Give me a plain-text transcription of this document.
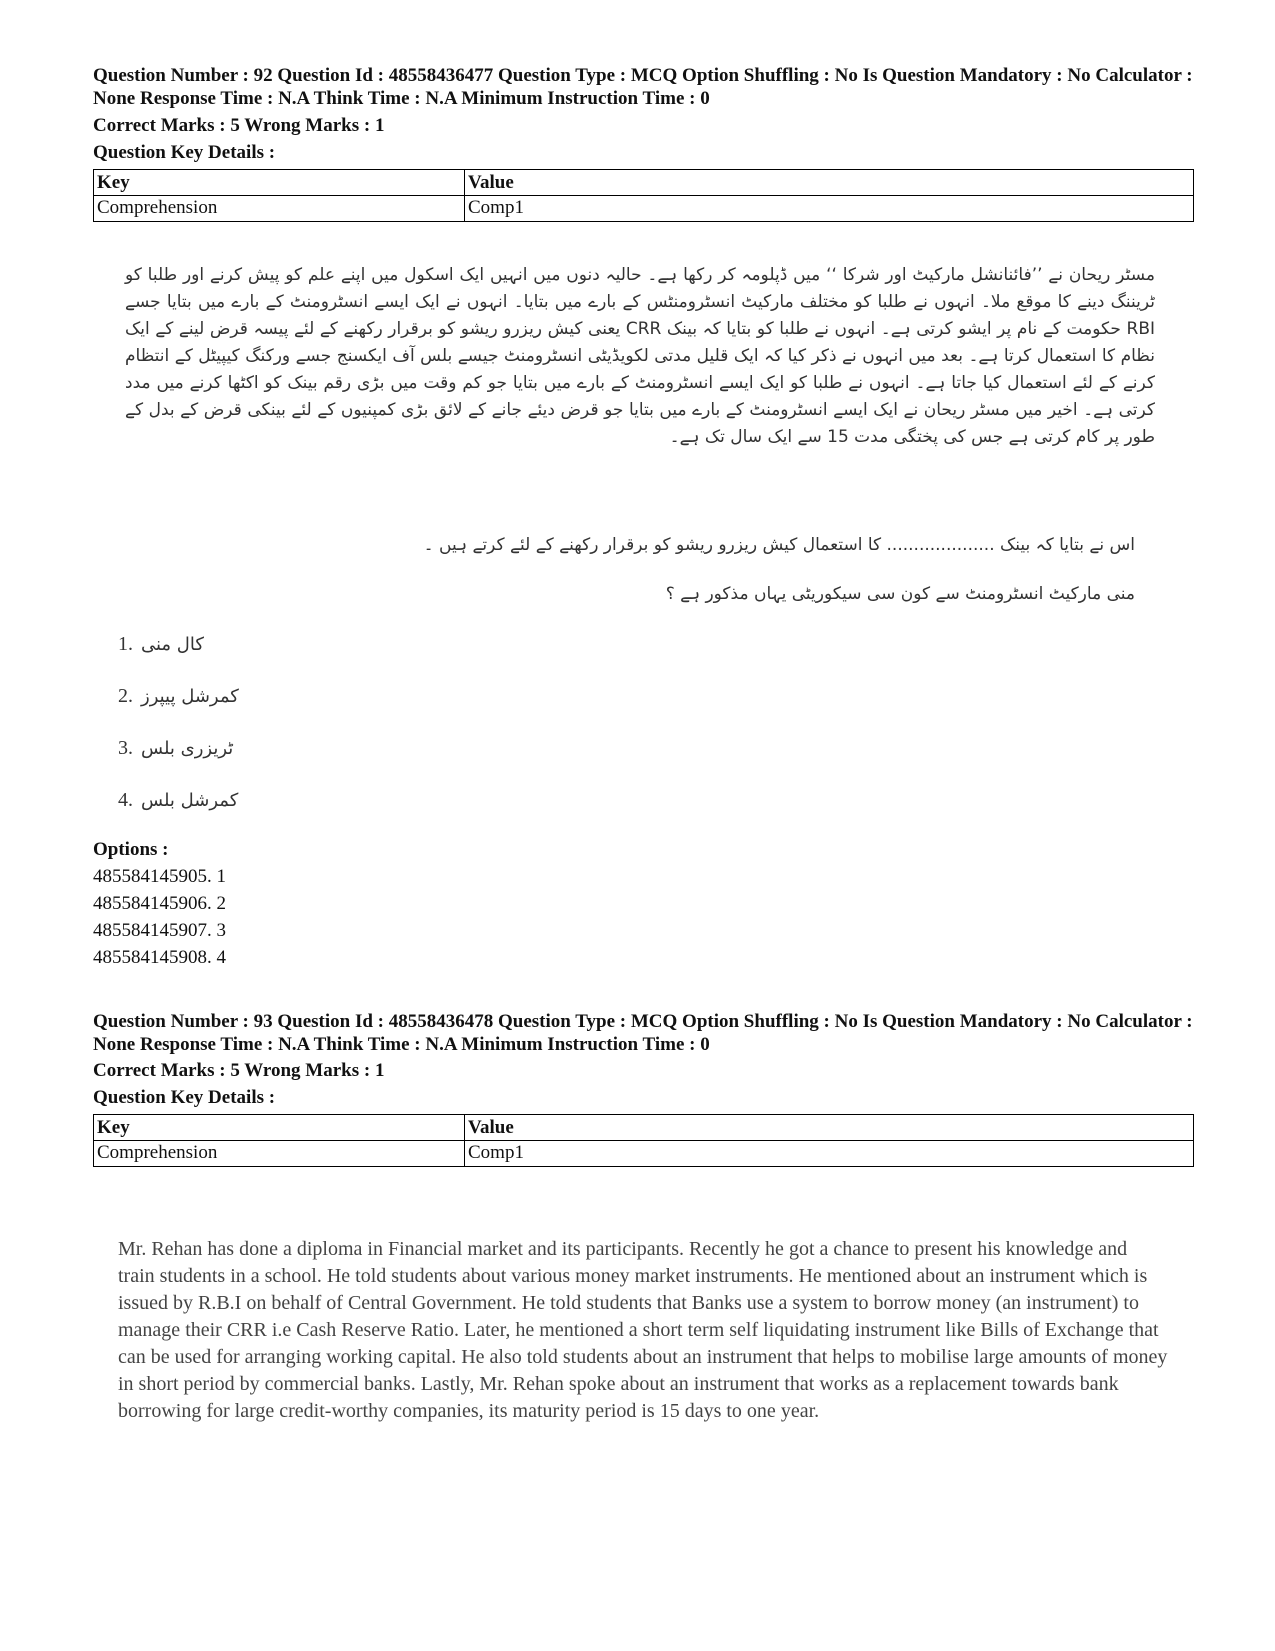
Question Number : 92 Question Id : 48558436477 Question Type : MCQ Option Shuffling : No Is Question Mandatory : No Calculator : None Response Time : N.A Think Time : N.A Minimum Instruction Time : 0
Correct Marks : 5 Wrong Marks : 1
Question Key Details :
Key	Value
Comprehension	Comp1
مسٹر ریحان نے ’’فائنانشل مارکیٹ اور شرکا ‘‘ میں ڈپلومہ کر رکھا ہے۔ حالیہ دنوں میں انہیں ایک اسکول میں اپنے علم کو پیش کرنے اور طلبا کو ٹریننگ دینے کا موقع ملا۔ انہوں نے طلبا کو مختلف مارکیٹ انسٹرومنٹس کے بارے میں بتایا۔ انہوں نے ایک ایسے انسٹرومنٹ کے بارے میں بتایا جسے RBI حکومت کے نام پر ایشو کرتی ہے۔ انہوں نے طلبا کو بتایا کہ بینک CRR یعنی کیش ریزرو ریشو کو برقرار رکھنے کے لئے پیسہ قرض لینے کے ایک نظام کا استعمال کرتا ہے۔ بعد میں انہوں نے ذکر کیا کہ ایک قلیل مدتی لکویڈیٹی انسٹرومنٹ جیسے بلس آف ایکسنج جسے ورکنگ کیپیٹل کے انتظام کرنے کے لئے استعمال کیا جاتا ہے۔ انہوں نے طلبا کو ایک ایسے انسٹرومنٹ کے بارے میں بتایا جو کم وقت میں بڑی رقم بینک کو اکٹھا کرنے میں مدد کرتی ہے۔ اخیر میں مسٹر ریحان نے ایک ایسے انسٹرومنٹ کے بارے میں بتایا جو قرض دیئے جانے کے لائق بڑی کمپنیوں کے لئے بینکی قرض کے بدل کے طور پر کام کرتی ہے جس کی پختگی مدت 15 سے ایک سال تک ہے۔
اس نے بتایا کہ بینک .................... کا استعمال کیش ریزرو ریشو کو برقرار رکھنے کے لئے کرتے ہیں ۔
منی مارکیٹ انسٹرومنٹ سے کون سی سیکوریٹی یہاں مذکور ہے ؟
1. کال منی
2. کمرشل پیپرز
3. ٹریزری بلس
4. کمرشل بلس
Options :
485584145905. 1
485584145906. 2
485584145907. 3
485584145908. 4
Question Number : 93 Question Id : 48558436478 Question Type : MCQ Option Shuffling : No Is Question Mandatory : No Calculator : None Response Time : N.A Think Time : N.A Minimum Instruction Time : 0
Correct Marks : 5 Wrong Marks : 1
Question Key Details :
Key	Value
Comprehension	Comp1
Mr. Rehan has done a diploma in Financial market and its participants. Recently he got a chance to present his knowledge and train students in a school. He told students about various money market instruments. He mentioned about an instrument which is issued by R.B.I on behalf of Central Government. He told students that Banks use a system to borrow money (an instrument) to manage their CRR i.e Cash Reserve Ratio. Later, he mentioned a short term self liquidating instrument like Bills of Exchange that can be used for arranging working capital. He also told students about an instrument that helps to mobilise large amounts of money in short period by commercial banks. Lastly, Mr. Rehan spoke about an instrument that works as a replacement towards bank borrowing for large credit-worthy companies, its maturity period is 15 days to one year.
